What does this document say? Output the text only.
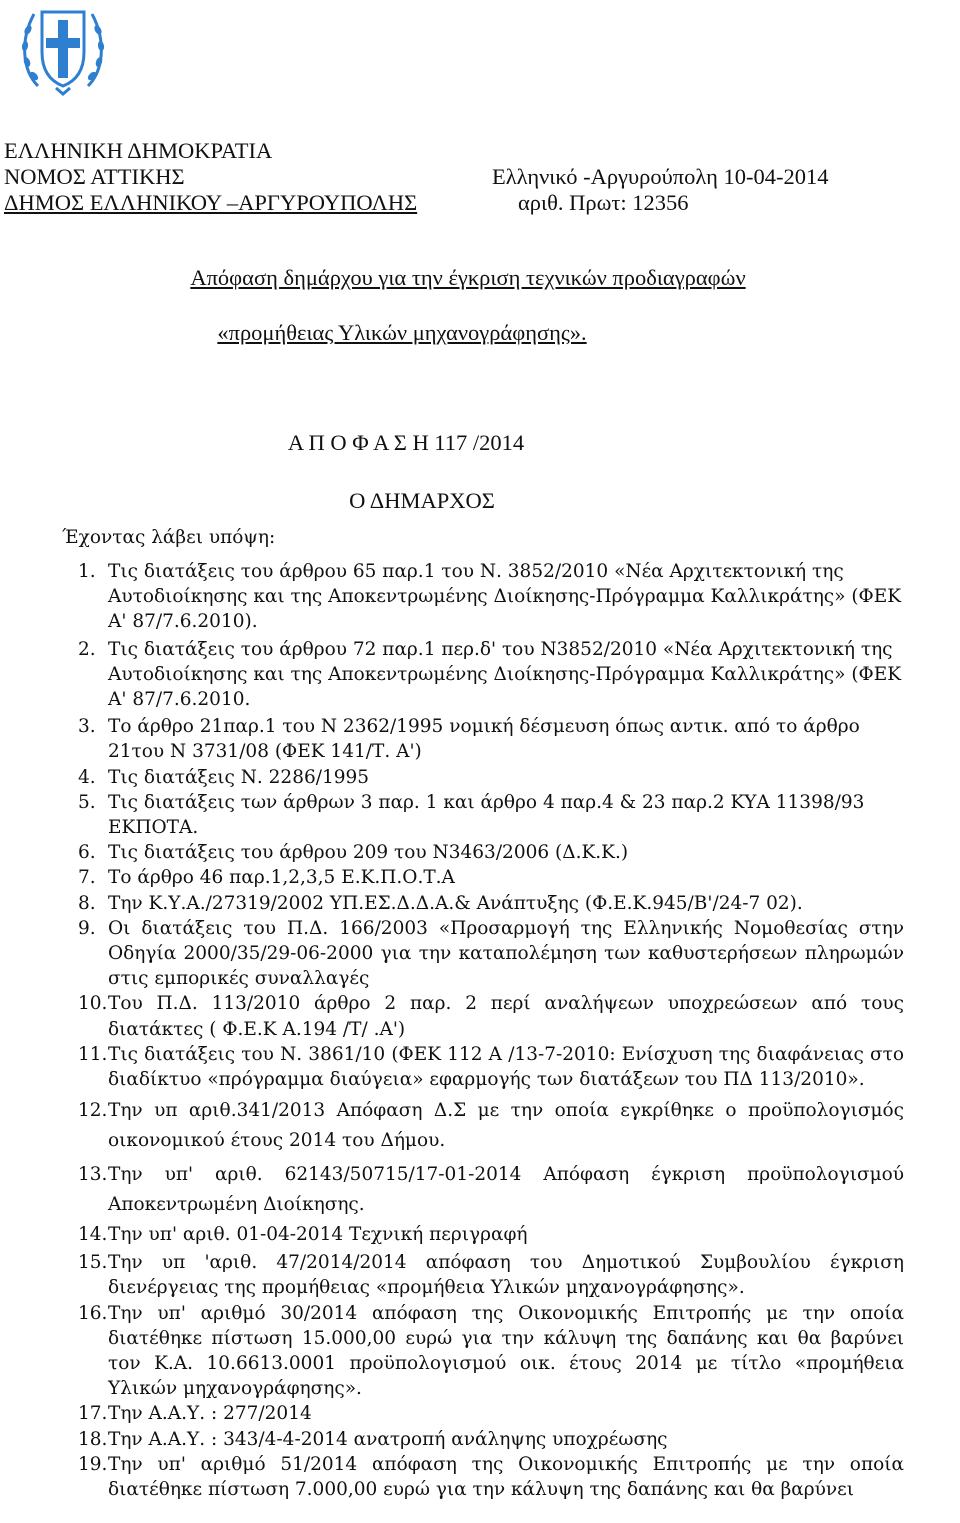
ΕΛΛΗΝΙΚΗ ΔΗΜΟΚΡΑΤΙΑ
ΝΟΜΟΣ ΑΤΤΙΚΗΣ
ΔΗΜΟΣ ΕΛΛΗΝΙΚΟΥ –ΑΡΓΥΡΟΥΠΟΛΗΣ
Ελληνικό -Αργυρούπολη 10-04-2014
αριθ. Πρωτ: 12356
Απόφαση δημάρχου για την έγκριση τεχνικών προδιαγραφών
«προμήθειας Υλικών μηχανογράφησης».
Α Π Ο Φ Α Σ Η 117 /2014
Ο ΔΗΜΑΡΧΟΣ
Έχοντας λάβει υπόψη:
1. Τις διατάξεις του άρθρου 65 παρ.1 του Ν. 3852/2010 «Νέα Αρχιτεκτονική της Αυτοδιοίκησης και της Αποκεντρωμένης Διοίκησης-Πρόγραμμα Καλλικράτης» (ΦΕΚ Α' 87/7.6.2010).
2. Τις διατάξεις του άρθρου 72 παρ.1 περ.δ' του Ν3852/2010 «Νέα Αρχιτεκτονική της Αυτοδιοίκησης και της Αποκεντρωμένης Διοίκησης-Πρόγραμμα Καλλικράτης» (ΦΕΚ Α' 87/7.6.2010.
3. Το άρθρο 21παρ.1 του Ν 2362/1995 νομική δέσμευση όπως αντικ. από το άρθρο 21του Ν 3731/08 (ΦΕΚ 141/Τ. Α')
4. Τις διατάξεις Ν. 2286/1995
5. Τις διατάξεις των άρθρων 3 παρ. 1 και άρθρο 4 παρ.4 & 23 παρ.2 ΚΥΑ 11398/93 ΕΚΠΟΤΑ.
6. Τις διατάξεις του άρθρου 209 του Ν3463/2006 (Δ.Κ.Κ.)
7. Το άρθρο 46 παρ.1,2,3,5 Ε.Κ.Π.Ο.Τ.Α
8. Την Κ.Υ.Α./27319/2002 ΥΠ.ΕΣ.Δ.Δ.Α.& Ανάπτυξης (Φ.Ε.Κ.945/Β'/24-7 02).
9. Οι διατάξεις του Π.Δ. 166/2003 «Προσαρμογή της Ελληνικής Νομοθεσίας στην Οδηγία 2000/35/29-06-2000 για την καταπολέμηση των καθυστερήσεων πληρωμών στις εμπορικές συναλλαγές
10. Του Π.Δ. 113/2010 άρθρο 2 παρ. 2 περί αναλήψεων υποχρεώσεων από τους διατάκτες ( Φ.Ε.Κ Α.194 /Τ/ .Α')
11. Τις διατάξεις του Ν. 3861/10 (ΦΕΚ 112 Α /13-7-2010: Ενίσχυση της διαφάνειας στο διαδίκτυο «πρόγραμμα διαύγεια» εφαρμογής των διατάξεων του ΠΔ 113/2010».
12. Την υπ αριθ.341/2013 Απόφαση Δ.Σ με την οποία εγκρίθηκε ο προϋπολογισμός οικονομικού έτους 2014 του Δήμου.
13. Την υπ' αριθ. 62143/50715/17-01-2014 Απόφαση έγκριση προϋπολογισμού Αποκεντρωμένη Διοίκησης.
14. Την υπ' αριθ. 01-04-2014 Τεχνική περιγραφή
15. Την υπ 'αριθ. 47/2014/2014 απόφαση του Δημοτικού Συμβουλίου έγκριση διενέργειας της προμήθειας «προμήθεια Υλικών μηχανογράφησης».
16. Την υπ' αριθμό 30/2014 απόφαση της Οικονομικής Επιτροπής με την οποία διατέθηκε πίστωση 15.000,00 ευρώ για την κάλυψη της δαπάνης και θα βαρύνει τον Κ.Α. 10.6613.0001 προϋπολογισμού οικ. έτους 2014 με τίτλο «προμήθεια Υλικών μηχανογράφησης».
17. Την Α.Α.Υ. : 277/2014
18. Την Α.Α.Υ. : 343/4-4-2014 ανατροπή ανάληψης υποχρέωσης
19. Την υπ' αριθμό 51/2014 απόφαση της Οικονομικής Επιτροπής με την οποία διατέθηκε πίστωση 7.000,00 ευρώ για την κάλυψη της δαπάνης και θα βαρύνει
